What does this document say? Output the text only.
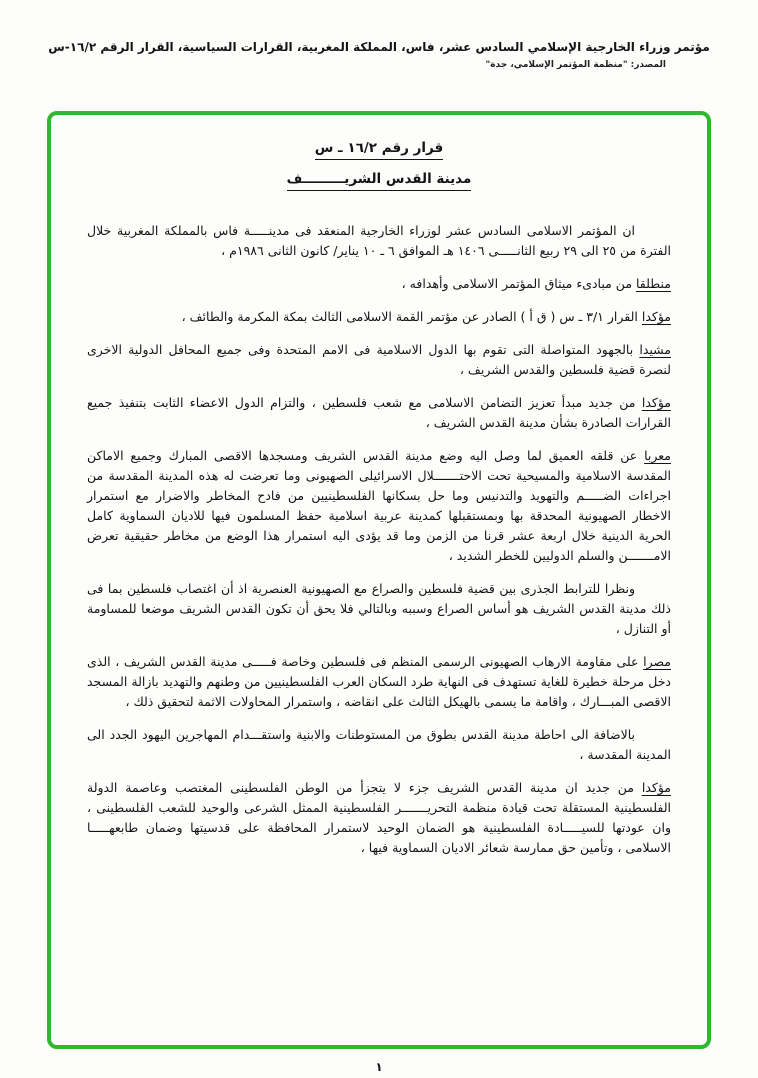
مؤتمر وزراء الخارجية الإسلامي السادس عشر، فاس، المملكة المغربية، القرارات السياسية، القرار الرقم ١٦/٢-س
المصدر: "منظمة المؤتمر الإسلامي، جدة"
قرار رقم ١٦/٢ ـ س
مدينة القدس الشريـــــــــف

ان المؤتمر الاسلامى السادس عشر لوزراء الخارجية المنعقد فى مدينـــــة فاس بالمملكة المغربية خلال الفترة من ٢٥ الى ٢٩ ربيع الثانـــــى ١٤٠٦ هـ الموافق ٦ ـ ١٠ يناير/ كانون الثانى ١٩٨٦م ،

منطلقا من مبادىء ميثاق المؤتمر الاسلامى وأهدافه ،

مؤكدا القرار ٣/١ ـ س ( ق أ ) الصادر عن مؤتمر القمة الاسلامى الثالث بمكة المكرمة والطائف ،

مشيدا بالجهود المتواصلة التى تقوم بها الدول الاسلامية فى الامم المتحدة وفى جميع المحافل الدولية الاخرى لنصرة قضية فلسطين والقدس الشريف ،

مؤكدا من جديد مبدأ تعزيز التضامن الاسلامى مع شعب فلسطين ، والتزام الدول الاعضاء الثابت بتنفيذ جميع القرارات الصادرة بشأن مدينة القدس الشريف ،

معربا عن قلقه العميق لما وصل اليه وضع مدينة القدس الشريف ومسجدها الاقصى المبارك وجميع الاماكن المقدسة الاسلامية والمسيحية تحت الاحتـــــــلال الاسرائيلى الصهيونى وما تعرضت له هذه المدينة المقدسة من اجراءات الضـــــم والتهويد والتدنيس وما حل بسكانها الفلسطينيين من فادح المخاطر والاضرار مع استمرار الاخطار الصهيونية المحدقة بها وبمستقبلها كمدينة عربية اسلامية حفظ المسلمون فيها للاديان السماوية كامل الحرية الدينية خلال اربعة عشر قرنا من الزمن وما قد يؤدى اليه استمرار هذا الوضع من مخاطر حقيقية تعرض الامـــــــن والسلم الدوليين للخطر الشديد ،

ونظرا للترابط الجذرى بين قضية فلسطين والصراع مع الصهيونية العنصرية اذ أن اغتصاب فلسطين بما فى ذلك مدينة القدس الشريف هو أساس الصراع وسببه وبالتالي فلا يحق أن تكون القدس الشريف موضعا للمساومة أو التنازل ،

مصرا على مقاومة الارهاب الصهيونى الرسمى المنظم فى فلسطين وخاصة فـــــى مدينة القدس الشريف ، الذى دخل مرحلة خطيرة للغاية تستهدف فى النهاية طرد السكان العرب الفلسطينيين من وطنهم والتهديد بازالة المسجد الاقصى المبـــارك ، واقامة ما يسمى بالهيكل الثالث على انقاضه ، واستمرار المحاولات الاثمة لتحقيق ذلك ،

بالاضافة الى احاطة مدينة القدس بطوق من المستوطنات والابنية واستقـــدام المهاجرين اليهود الجدد الى المدينة المقدسة ،

مؤكدا من جديد ان مدينة القدس الشريف جزء لا يتجزأ من الوطن الفلسطينى المغتصب وعاصمة الدولة الفلسطينية المستقلة تحت قيادة منظمة التحريـــــــر الفلسطينية الممثل الشرعى والوحيد للشعب الفلسطينى ، وان عودتها للسيـــــادة الفلسطينية هو الضمان الوحيد لاستمرار المحافظة على قدسيتها وضمان طابعهـــــا الاسلامى ، وتأمين حق ممارسة شعائر الاديان السماوية فيها ،

١
